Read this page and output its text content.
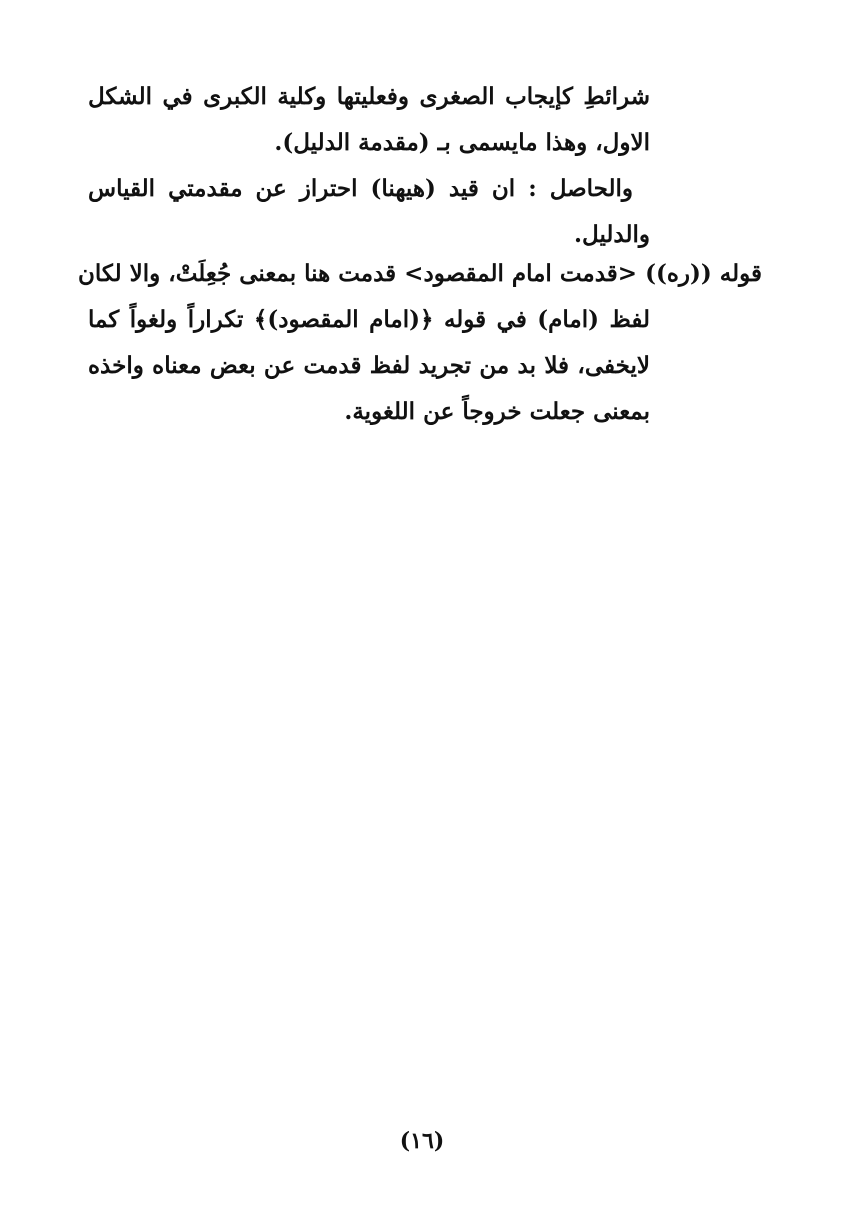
شرائطِ كإيجاب الصغرى وفعليتها وكلية الكبرى في الشكل
الاول، وهذا مايسمى بـ (مقدمة الدليل).
والحاصل : ان قيد (هيهنا) احتراز عن مقدمتي القياس
والدليل.
قوله ((ره)) <قدمت امام المقصود> قدمت هنا بمعنى جُعِلَتْ، والا لكان
لفظ (امام) في قوله ﴿(امام المقصود)﴾ تكراراً ولغواً كما
لايخفى، فلا بد من تجريد لفظ قدمت عن بعض معناه واخذه
بمعنى جعلت خروجاً عن اللغوية.
(١٦)
